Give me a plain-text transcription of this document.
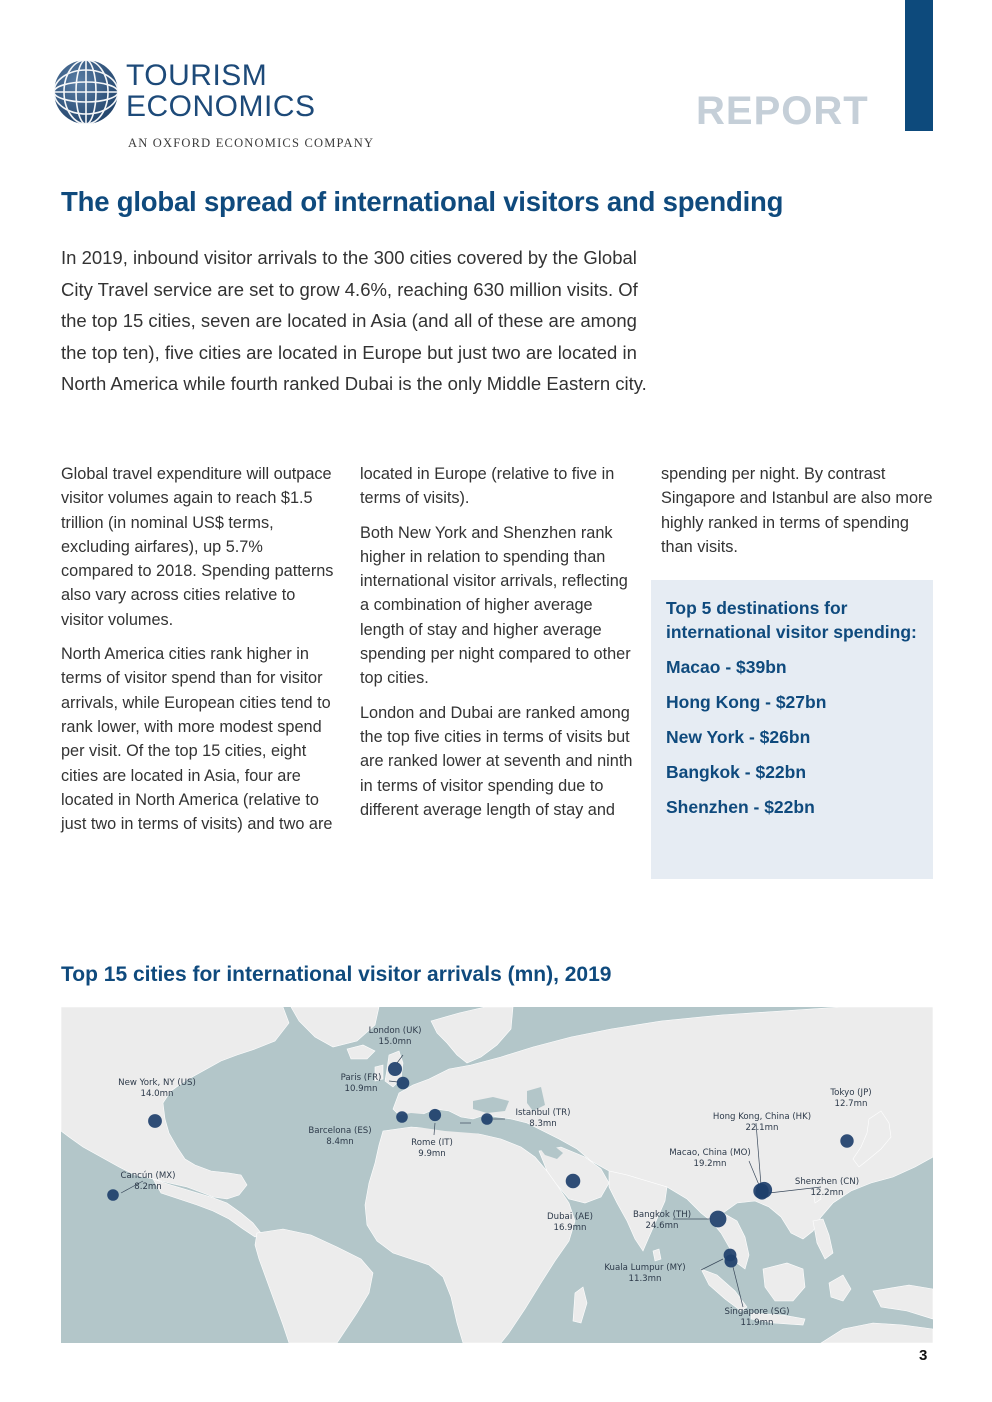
TOURISM
ECONOMICS
AN OXFORD ECONOMICS COMPANY
REPORT
The global spread of international visitors and spending

In 2019, inbound visitor arrivals to the 300 cities covered by the Global City Travel service are set to grow 4.6%, reaching 630 million visits. Of the top 15 cities, seven are located in Asia (and all of these are among the top ten), five cities are located in Europe but just two are located in North America while fourth ranked Dubai is the only Middle Eastern city.

Global travel expenditure will outpace visitor volumes again to reach $1.5 trillion (in nominal US$ terms, excluding airfares), up 5.7% compared to 2018. Spending patterns also vary across cities relative to visitor volumes.

North America cities rank higher in terms of visitor spend than for visitor arrivals, while European cities tend to rank lower, with more modest spend per visit. Of the top 15 cities, eight cities are located in Asia, four are located in North America (relative to just two in terms of visits) and two are

located in Europe (relative to five in terms of visits).

Both New York and Shenzhen rank higher in relation to spending than international visitor arrivals, reflecting a combination of higher average length of stay and higher average spending per night compared to other top cities.

London and Dubai are ranked among the top five cities in terms of visits but are ranked lower at seventh and ninth in terms of visitor spending due to different average length of stay and

spending per night. By contrast Singapore and Istanbul are also more highly ranked in terms of spending than visits.

Top 5 destinations for international visitor spending:

Macao - $39bn
Hong Kong - $27bn
New York - $26bn
Bangkok - $22bn
Shenzhen - $22bn
Top 15 cities for international visitor arrivals (mn), 2019
London (UK)
15.0mn
Paris (FR)
10.9mn
New York, NY (US)
14.0mn
Barcelona (ES)
8.4mn	Rome (IT)
9.9mn
Istanbul (TR)
8.3mn
Cancún (MX)
8.2mn
Dubai (AE)
16.9mn
Hong Kong, China (HK)
22.1mn
Macao, China (MO)
19.2mn
Bangkok (TH)
24.6mn
Shenzhen (CN)
12.2mn
Tokyo (JP)
12.7mn
Kuala Lumpur (MY)
11.3mn
Singapore (SG)
11.9mn
3
